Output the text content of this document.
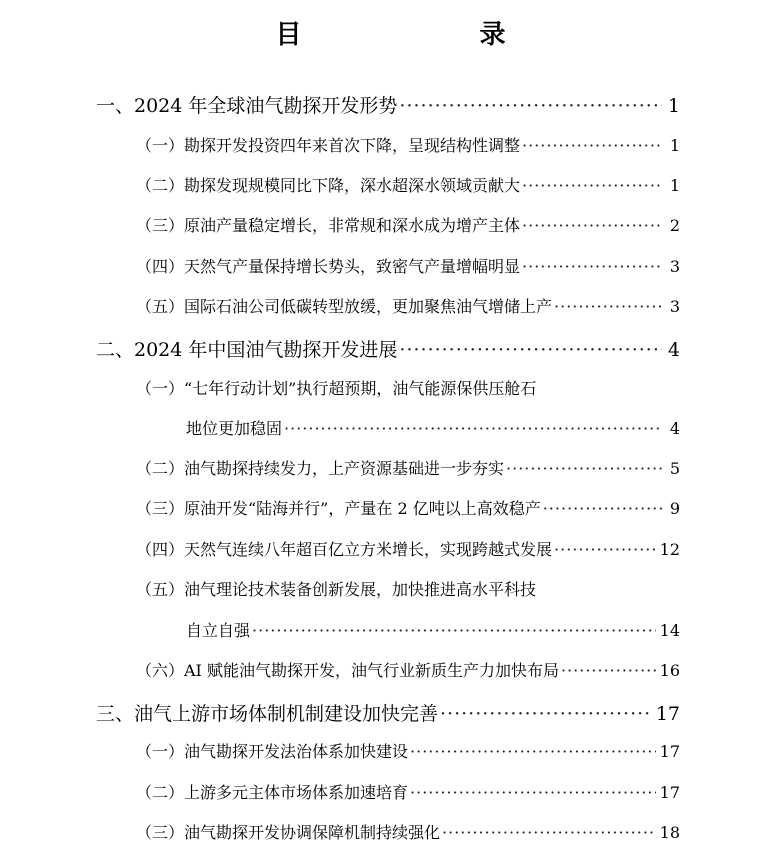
目　　录
一、2024 年全球油气勘探开发形势 ·····	1
（一）勘探开发投资四年来首次下降，呈现结构性调整 ·····	1
（二）勘探发现规模同比下降，深水超深水领域贡献大 ·····	1
（三）原油产量稳定增长，非常规和深水成为增产主体 ·····	2
（四）天然气产量保持增长势头，致密气产量增幅明显 ·····	3
（五）国际石油公司低碳转型放缓，更加聚焦油气增储上产 ·····	3
二、2024 年中国油气勘探开发进展 ·····	4
（一）“七年行动计划”执行超预期，油气能源保供压舱石
地位更加稳固 ·····	4
（二）油气勘探持续发力，上产资源基础进一步夯实 ·····	5
（三）原油开发“陆海并行”，产量在 2 亿吨以上高效稳产 ·····	9
（四）天然气连续八年超百亿立方米增长，实现跨越式发展 ·····	12
（五）油气理论技术装备创新发展，加快推进高水平科技
自立自强 ·····	14
（六）AI 赋能油气勘探开发，油气行业新质生产力加快布局 ·····	16
三、油气上游市场体制机制建设加快完善 ·····	17
（一）油气勘探开发法治体系加快建设 ·····	17
（二）上游多元主体市场体系加速培育 ·····	17
（三）油气勘探开发协调保障机制持续强化 ·····	18
